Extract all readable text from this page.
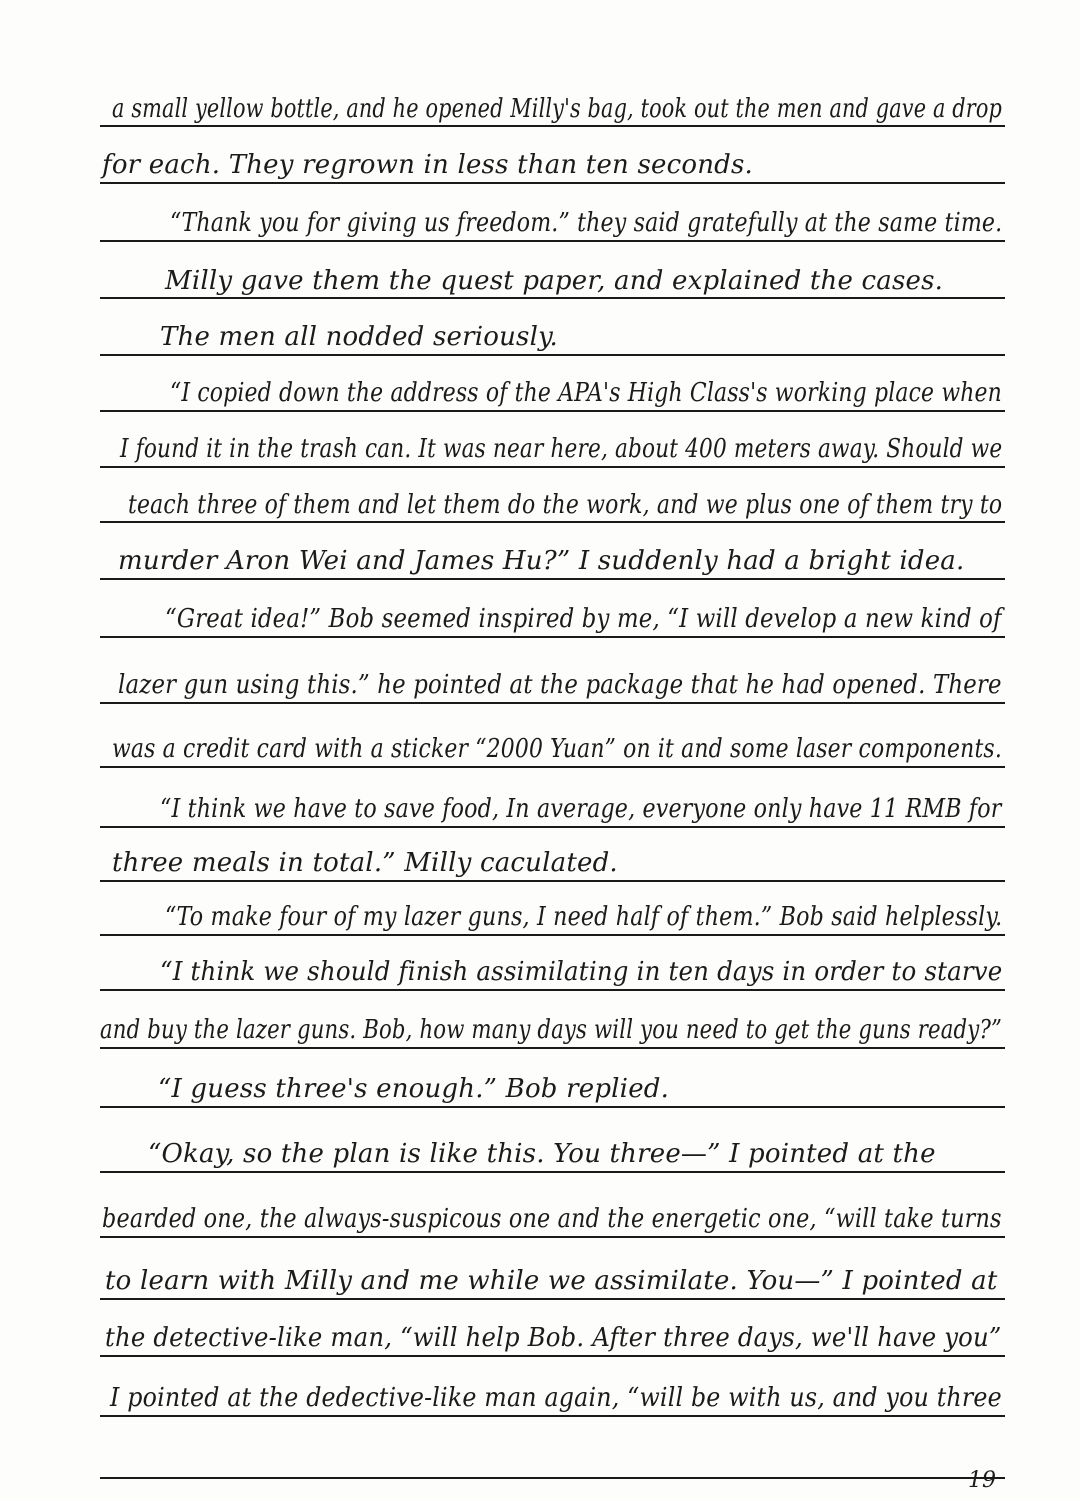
a small yellow bottle, and he opened Milly's bag, took out the men and gave a drop
for each. They regrown in less than ten seconds.
“Thank you for giving us freedom.” they said gratefully at the same time.
Milly gave them the quest paper, and explained the cases.
The men all nodded seriously.
“I copied down the address of the APA's High Class's working place when
I found it in the trash can. It was near here, about 400 meters away. Should we
teach three of them and let them do the work, and we plus one of them try to
murder Aron Wei and James Hu?” I suddenly had a bright idea.
“Great idea!” Bob seemed inspired by me, “I will develop a new kind of
lazer gun using this.” he pointed at the package that he had opened. There
was a credit card with a sticker “2000 Yuan” on it and some laser components.
“I think we have to save food, In average, everyone only have 11 RMB for
three meals in total.” Milly caculated.
“To make four of my lazer guns, I need half of them.” Bob said helplessly.
“I think we should finish assimilating in ten days in order to starve
and buy the lazer guns. Bob, how many days will you need to get the guns ready?”
“I guess three's enough.” Bob replied.
“Okay, so the plan is like this. You three—” I pointed at the
bearded one, the always-suspicous one and the energetic one, “will take turns
to learn with Milly and me while we assimilate. You—” I pointed at
the detective-like man, “will help Bob. After three days, we'll have you”
I pointed at the dedective-like man again, “will be with us, and you three
19
